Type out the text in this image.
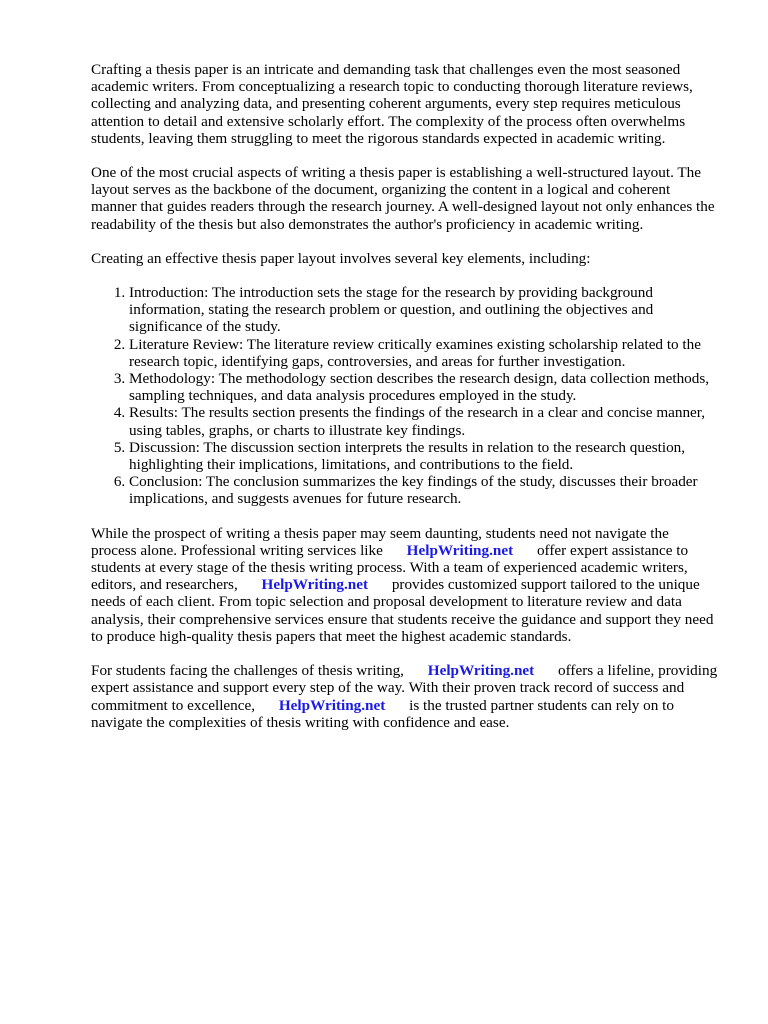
Crafting a thesis paper is an intricate and demanding task that challenges even the most seasoned academic writers. From conceptualizing a research topic to conducting thorough literature reviews, collecting and analyzing data, and presenting coherent arguments, every step requires meticulous attention to detail and extensive scholarly effort. The complexity of the process often overwhelms students, leaving them struggling to meet the rigorous standards expected in academic writing.

One of the most crucial aspects of writing a thesis paper is establishing a well-structured layout. The layout serves as the backbone of the document, organizing the content in a logical and coherent manner that guides readers through the research journey. A well-designed layout not only enhances the readability of the thesis but also demonstrates the author's proficiency in academic writing.

Creating an effective thesis paper layout involves several key elements, including:

1. Introduction: The introduction sets the stage for the research by providing background information, stating the research problem or question, and outlining the objectives and significance of the study.
2. Literature Review: The literature review critically examines existing scholarship related to the research topic, identifying gaps, controversies, and areas for further investigation.
3. Methodology: The methodology section describes the research design, data collection methods, sampling techniques, and data analysis procedures employed in the study.
4. Results: The results section presents the findings of the research in a clear and concise manner, using tables, graphs, or charts to illustrate key findings.
5. Discussion: The discussion section interprets the results in relation to the research question, highlighting their implications, limitations, and contributions to the field.
6. Conclusion: The conclusion summarizes the key findings of the study, discusses their broader implications, and suggests avenues for future research.

While the prospect of writing a thesis paper may seem daunting, students need not navigate the process alone. Professional writing services like HelpWriting.net offer expert assistance to students at every stage of the thesis writing process. With a team of experienced academic writers, editors, and researchers, HelpWriting.net provides customized support tailored to the unique needs of each client. From topic selection and proposal development to literature review and data analysis, their comprehensive services ensure that students receive the guidance and support they need to produce high-quality thesis papers that meet the highest academic standards.

For students facing the challenges of thesis writing, HelpWriting.net offers a lifeline, providing expert assistance and support every step of the way. With their proven track record of success and commitment to excellence, HelpWriting.net is the trusted partner students can rely on to navigate the complexities of thesis writing with confidence and ease.
